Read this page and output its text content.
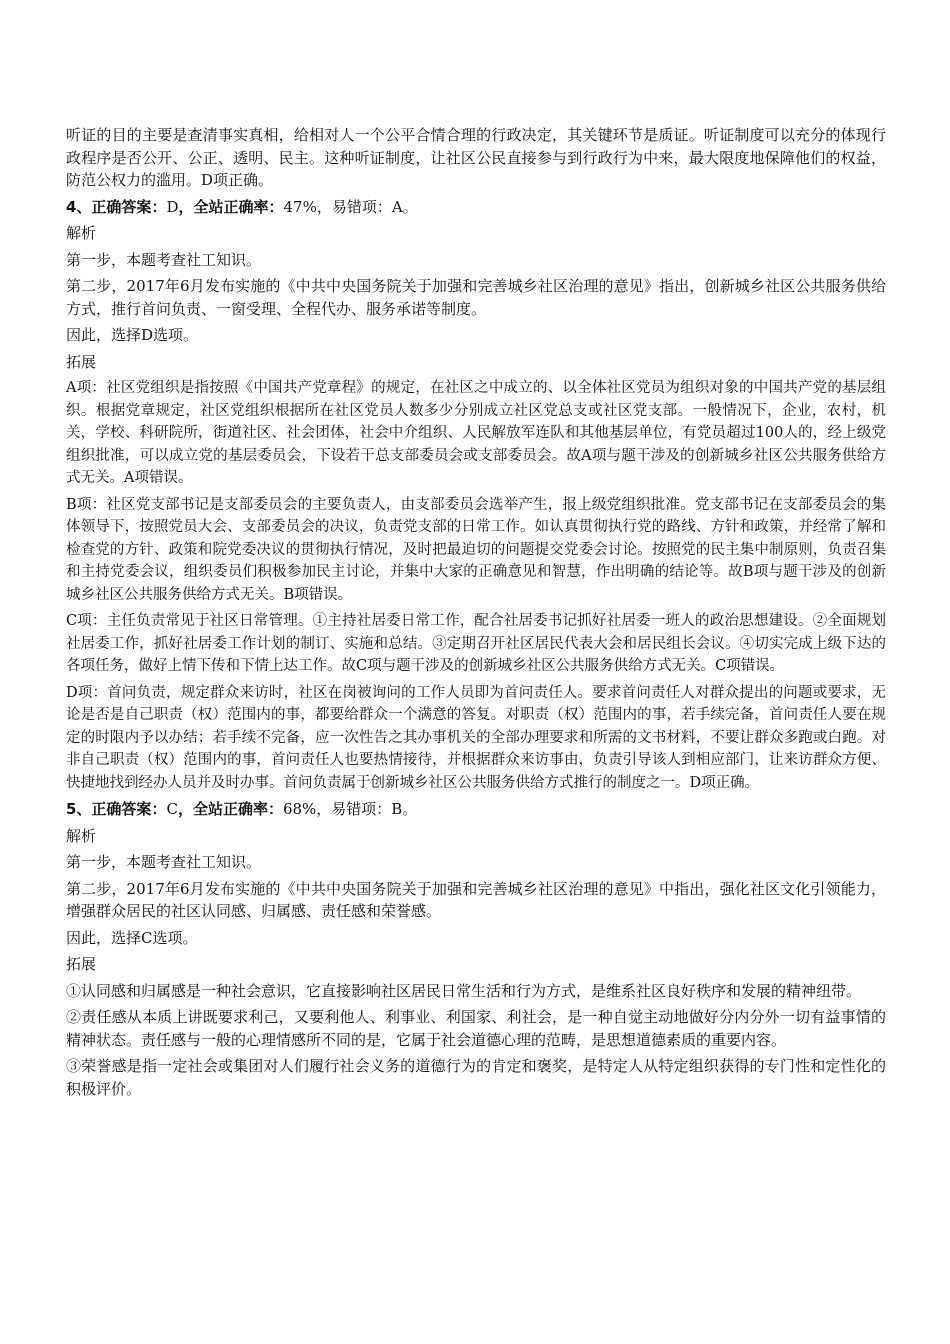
听证的目的主要是查清事实真相，给相对人一个公平合情合理的行政决定，其关键环节是质证。听证制度可以充分的体现行政程序是否公开、公正、透明、民主。这种听证制度，让社区公民直接参与到行政行为中来，最大限度地保障他们的权益，防范公权力的滥用。D项正确。

4、正确答案：D，全站正确率：47%，易错项：A。

解析

第一步，本题考查社工知识。

第二步，2017年6月发布实施的《中共中央国务院关于加强和完善城乡社区治理的意见》指出，创新城乡社区公共服务供给方式，推行首问负责、一窗受理、全程代办、服务承诺等制度。

因此，选择D选项。

拓展

A项：社区党组织是指按照《中国共产党章程》的规定，在社区之中成立的、以全体社区党员为组织对象的中国共产党的基层组织。根据党章规定，社区党组织根据所在社区党员人数多少分别成立社区党总支或社区党支部。一般情况下，企业，农村，机关，学校、科研院所，街道社区、社会团体，社会中介组织、人民解放军连队和其他基层单位，有党员超过100人的，经上级党组织批准，可以成立党的基层委员会，下设若干总支部委员会或支部委员会。故A项与题干涉及的创新城乡社区公共服务供给方式无关。A项错误。

B项：社区党支部书记是支部委员会的主要负责人，由支部委员会选举产生，报上级党组织批准。党支部书记在支部委员会的集体领导下，按照党员大会、支部委员会的决议，负责党支部的日常工作。如认真贯彻执行党的路线、方针和政策，并经常了解和检查党的方针、政策和院党委决议的贯彻执行情况，及时把最迫切的问题提交党委会讨论。按照党的民主集中制原则，负责召集和主持党委会议，组织委员们积极参加民主讨论，并集中大家的正确意见和智慧，作出明确的结论等。故B项与题干涉及的创新城乡社区公共服务供给方式无关。B项错误。

C项：主任负责常见于社区日常管理。①主持社居委日常工作，配合社居委书记抓好社居委一班人的政治思想建设。②全面规划社居委工作，抓好社居委工作计划的制订、实施和总结。③定期召开社区居民代表大会和居民组长会议。④切实完成上级下达的各项任务，做好上情下传和下情上达工作。故C项与题干涉及的创新城乡社区公共服务供给方式无关。C项错误。

D项：首问负责，规定群众来访时，社区在岗被询问的工作人员即为首问责任人。要求首问责任人对群众提出的问题或要求，无论是否是自己职责（权）范围内的事，都要给群众一个满意的答复。对职责（权）范围内的事，若手续完备，首问责任人要在规定的时限内予以办结；若手续不完备，应一次性告之其办事机关的全部办理要求和所需的文书材料，不要让群众多跑或白跑。对非自己职责（权）范围内的事，首问责任人也要热情接待，并根据群众来访事由，负责引导该人到相应部门，让来访群众方便、快捷地找到经办人员并及时办事。首问负责属于创新城乡社区公共服务供给方式推行的制度之一。D项正确。

5、正确答案：C，全站正确率：68%，易错项：B。

解析

第一步，本题考查社工知识。

第二步，2017年6月发布实施的《中共中央国务院关于加强和完善城乡社区治理的意见》中指出，强化社区文化引领能力，增强群众居民的社区认同感、归属感、责任感和荣誉感。

因此，选择C选项。

拓展

①认同感和归属感是一种社会意识，它直接影响社区居民日常生活和行为方式，是维系社区良好秩序和发展的精神纽带。

②责任感从本质上讲既要求利己，又要利他人、利事业、利国家、利社会，是一种自觉主动地做好分内分外一切有益事情的精神状态。责任感与一般的心理情感所不同的是，它属于社会道德心理的范畴，是思想道德素质的重要内容。

③荣誉感是指一定社会或集团对人们履行社会义务的道德行为的肯定和褒奖，是特定人从特定组织获得的专门性和定性化的积极评价。
